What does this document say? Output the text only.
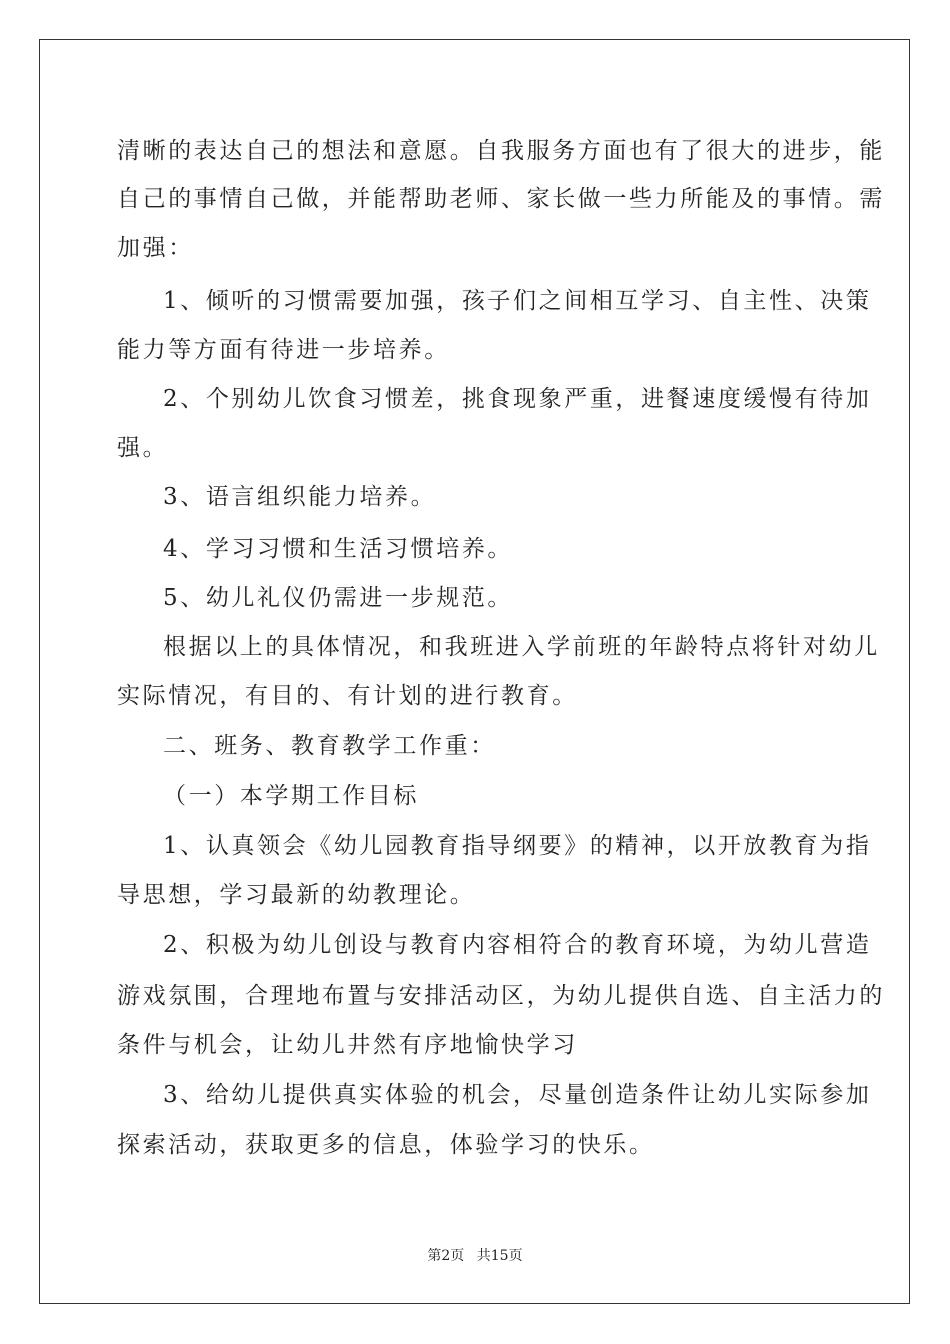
清晰的表达自己的想法和意愿。自我服务方面也有了很大的进步，能
自己的事情自己做，并能帮助老师、家长做一些力所能及的事情。需
加强：
1、倾听的习惯需要加强，孩子们之间相互学习、自主性、决策
能力等方面有待进一步培养。
2、个别幼儿饮食习惯差，挑食现象严重，进餐速度缓慢有待加
强。
3、语言组织能力培养。
4、学习习惯和生活习惯培养。
5、幼儿礼仪仍需进一步规范。
根据以上的具体情况，和我班进入学前班的年龄特点将针对幼儿
实际情况，有目的、有计划的进行教育。
二、班务、教育教学工作重：
（一）本学期工作目标
1、认真领会《幼儿园教育指导纲要》的精神，以开放教育为指
导思想，学习最新的幼教理论。
2、积极为幼儿创设与教育内容相符合的教育环境，为幼儿营造
游戏氛围，合理地布置与安排活动区，为幼儿提供自选、自主活力的
条件与机会，让幼儿井然有序地愉快学习
3、给幼儿提供真实体验的机会，尽量创造条件让幼儿实际参加
探索活动，获取更多的信息，体验学习的快乐。
第2页 共15页
